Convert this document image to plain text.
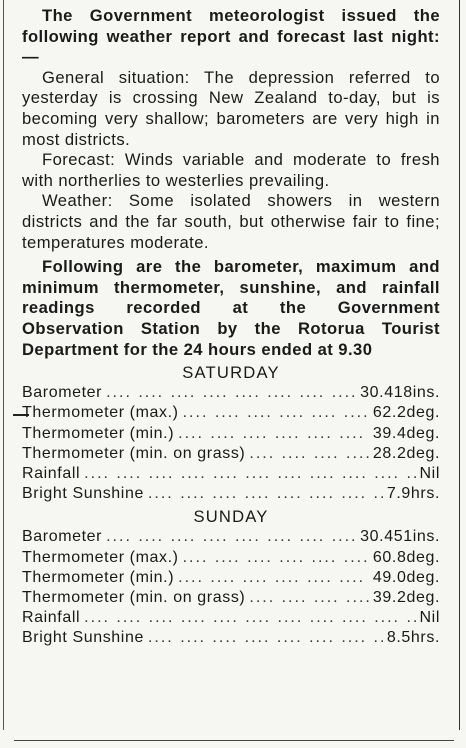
The Government meteorologist issued the following weather report and forecast last night:—

General situation: The depression referred to yesterday is crossing New Zealand to-day, but is becoming very shallow; barometers are very high in most districts.

Forecast: Winds variable and moderate to fresh with northerlies to westerlies prevailing.

Weather: Some isolated showers in western districts and the far south, but otherwise fair to fine; temperatures moderate.

Following are the barometer, maximum and minimum thermometer, sunshine, and rainfall readings recorded at the Government Observation Station by the Rotorua Tourist Department for the 24 hours ended at 9.30

SATURDAY
Barometer ....	30.418ins.
Thermometer (max.) ....	62.2deg.
Thermometer (min.) ....	39.4deg.
Thermometer (min. on grass) ....	28.2deg.
Rainfall ....	Nil
Bright Sunshine ....	7.9hrs.
SUNDAY
Barometer ....	30.451ins.
Thermometer (max.) ....	60.8deg.
Thermometer (min.) ....	49.0deg.
Thermometer (min. on grass) ....	39.2deg.
Rainfall ....	Nil
Bright Sunshine ....	8.5hrs.
